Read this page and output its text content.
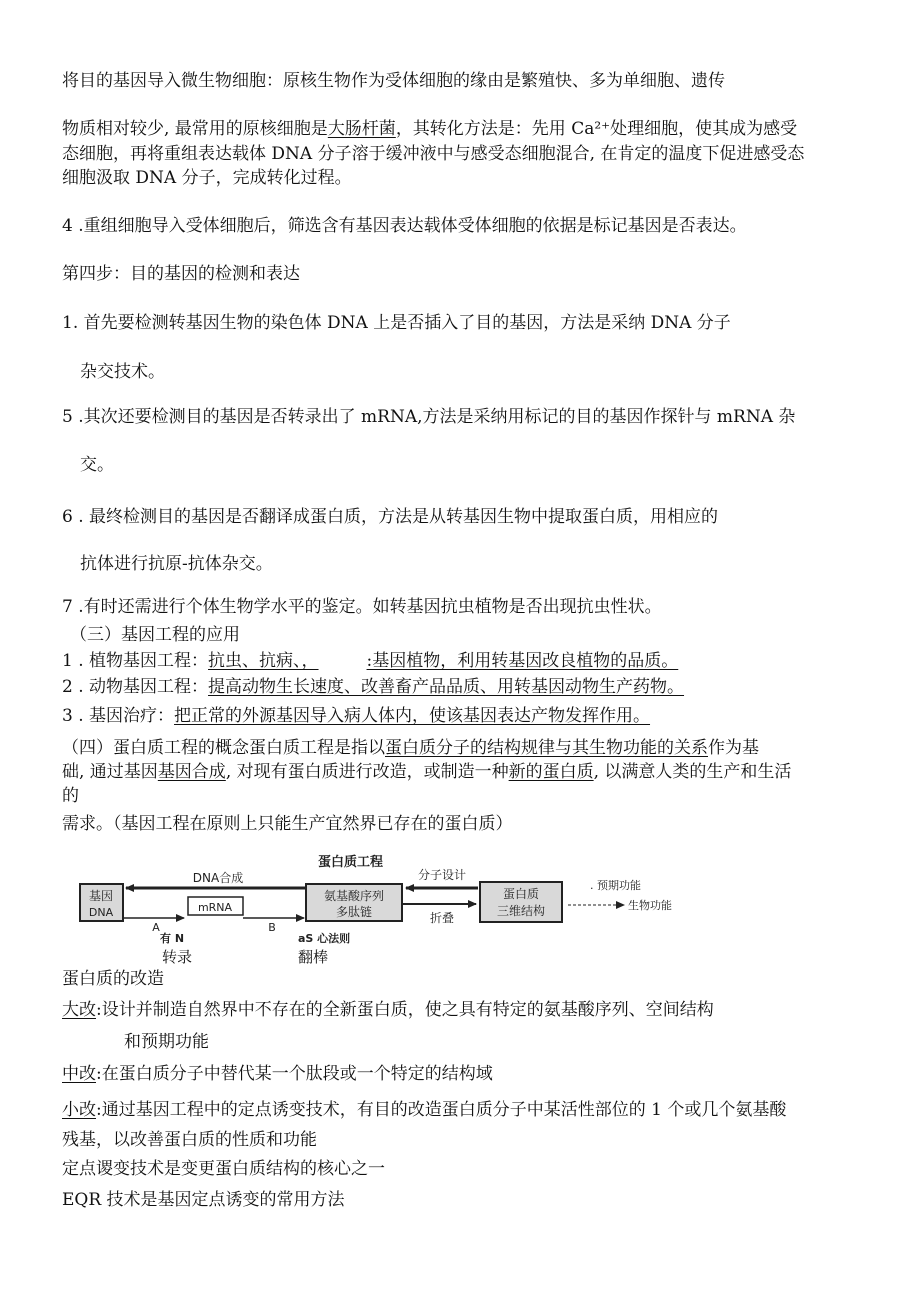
将目的基因导入微生物细胞：原核生物作为受体细胞的缘由是繁殖快、多为单细胞、遗传
物质相对较少, 最常用的原核细胞是大肠杆菌，其转化方法是：先用 Ca²⁺处理细胞，使其成为感受
态细胞，再将重组表达载体 DNA 分子溶于缓冲液中与感受态细胞混合, 在肯定的温度下促进感受态
细胞汲取 DNA 分子，完成转化过程。
4 .重组细胞导入受体细胞后，筛选含有基因表达载体受体细胞的依据是标记基因是否表达。
第四步：目的基因的检测和表达
1. 首先要检测转基因生物的染色体 DNA 上是否插入了目的基因，方法是采纳 DNA 分子
杂交技术。
5 .其次还要检测目的基因是否转录出了 mRNA,方法是采纳用标记的目的基因作探针与 mRNA 杂
交。
6 . 最终检测目的基因是否翻译成蛋白质，方法是从转基因生物中提取蛋白质，用相应的
抗体进行抗原-抗体杂交。
7 .有时还需进行个体生物学水平的鉴定。如转基因抗虫植物是否出现抗虫性状。
（三）基因工程的应用
1 . 植物基因工程：抗虫、抗病、，	:基因植物，利用转基因改良植物的品质。
2 . 动物基因工程：提高动物生长速度、改善畜产品品质、用转基因动物生产药物。
3 . 基因治疗：把正常的外源基因导入病人体内，使该基因表达产物发挥作用。
（四）蛋白质工程的概念蛋白质工程是指以蛋白质分子的结构规律与其生物功能的关系作为基
础, 通过基因基因合成, 对现有蛋白质进行改造，或制造一种新的蛋白质, 以满意人类的生产和生活
的
需求。（基因工程在原则上只能生产宜然界已存在的蛋白质）
蛋白质工程
基因
DNA
DNA合成
mRNA
A	B
氨基酸序列
多肽链
分子设计
折叠
蛋白质
三维结构
. 预期功能
生物功能
有 N	aS 心法则
转录	翻棒
蛋白质的改造
大改:设计并制造自然界中不存在的全新蛋白质，使之具有特定的氨基酸序列、空间结构
和预期功能
中改:在蛋白质分子中替代某一个肽段或一个特定的结构域
小改:通过基因工程中的定点诱变技术，有目的改造蛋白质分子中某活性部位的 1 个或几个氨基酸
残基，以改善蛋白质的性质和功能
定点谡变技术是变更蛋白质结构的核心之一
EQR 技术是基因定点诱变的常用方法
